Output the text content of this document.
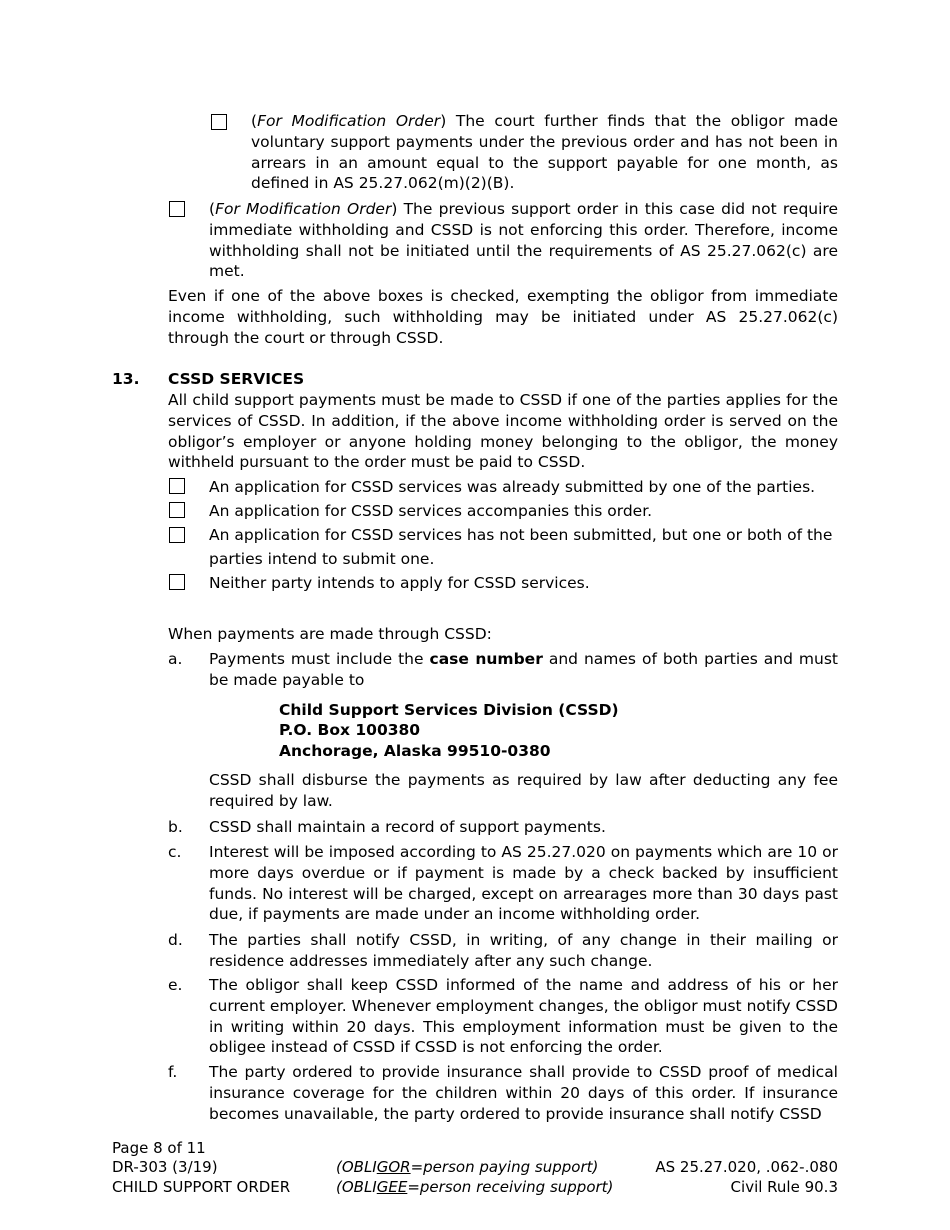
(For Modification Order) The court further finds that the obligor made voluntary support payments under the previous order and has not been in arrears in an amount equal to the support payable for one month, as defined in AS 25.27.062(m)(2)(B).

(For Modification Order) The previous support order in this case did not require immediate withholding and CSSD is not enforcing this order. Therefore, income withholding shall not be initiated until the requirements of AS 25.27.062(c) are met.

Even if one of the above boxes is checked, exempting the obligor from immediate income withholding, such withholding may be initiated under AS 25.27.062(c) through the court or through CSSD.
13. CSSD SERVICES
All child support payments must be made to CSSD if one of the parties applies for the services of CSSD. In addition, if the above income withholding order is served on the obligor’s employer or anyone holding money belonging to the obligor, the money withheld pursuant to the order must be paid to CSSD.
An application for CSSD services was already submitted by one of the parties.
An application for CSSD services accompanies this order.
An application for CSSD services has not been submitted, but one or both of the
parties intend to submit one.
Neither party intends to apply for CSSD services.
When payments are made through CSSD:
a. Payments must include the case number and names of both parties and must be made payable to

Child Support Services Division (CSSD)
P.O. Box 100380
Anchorage, Alaska 99510-0380
CSSD shall disburse the payments as required by law after deducting any fee required by law.
b. CSSD shall maintain a record of support payments.
c. Interest will be imposed according to AS 25.27.020 on payments which are 10 or more days overdue or if payment is made by a check backed by insufficient funds. No interest will be charged, except on arrearages more than 30 days past due, if payments are made under an income withholding order.
d. The parties shall notify CSSD, in writing, of any change in their mailing or residence addresses immediately after any such change.
e. The obligor shall keep CSSD informed of the name and address of his or her current employer. Whenever employment changes, the obligor must notify CSSD in writing within 20 days. This employment information must be given to the obligee instead of CSSD if CSSD is not enforcing the order.
f. The party ordered to provide insurance shall provide to CSSD proof of medical insurance coverage for the children within 20 days of this order. If insurance becomes unavailable, the party ordered to provide insurance shall notify CSSD
Page 8 of 11
DR-303 (3/19)
CHILD SUPPORT ORDER
(OBLIGOR=person paying support)
(OBLIGEE=person receiving support)
AS 25.27.020, .062-.080
Civil Rule 90.3
